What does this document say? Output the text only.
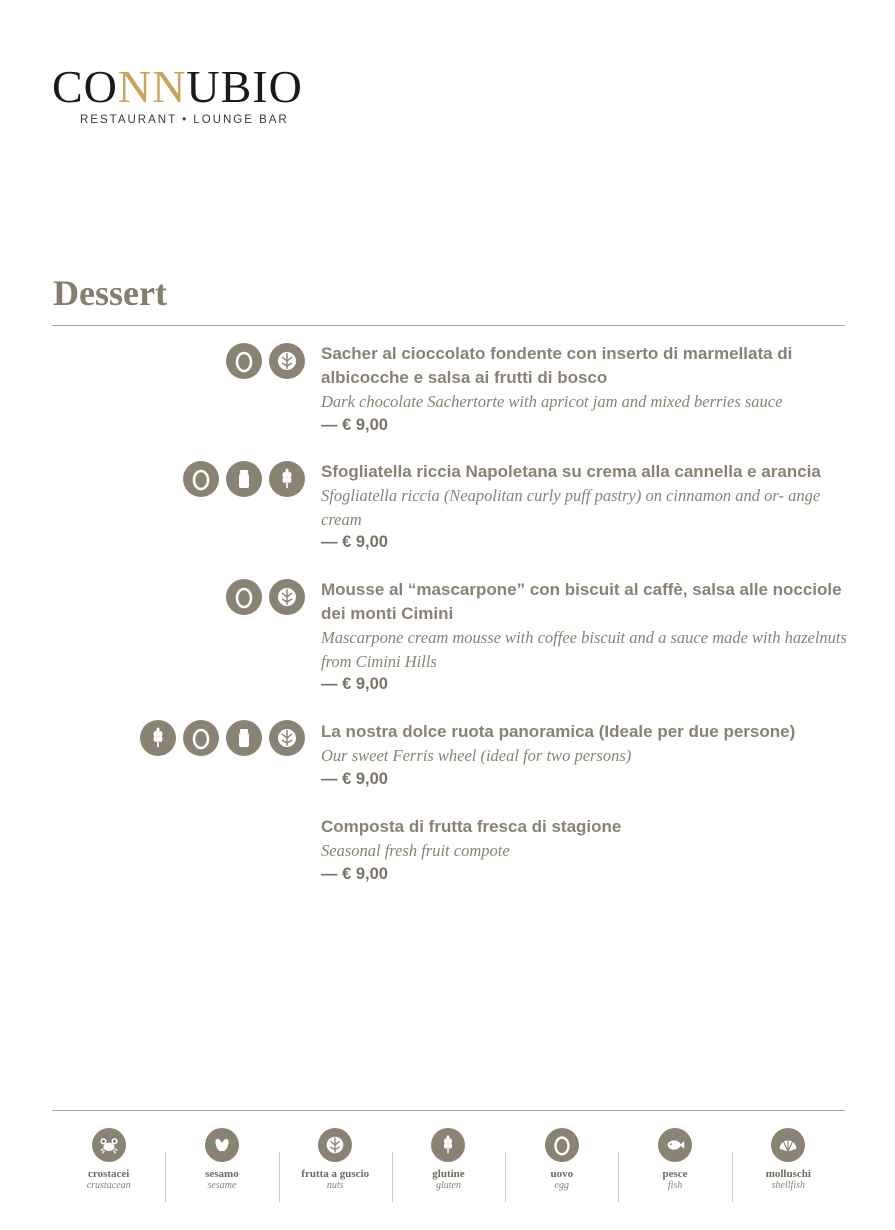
CONNUBIO
RESTAURANT • LOUNGE BAR
Dessert
Sacher al cioccolato fondente con inserto di marmellata di albicocche e salsa ai frutti di bosco
Dark chocolate Sachertorte with apricot jam and mixed berries sauce
— € 9,00
Sfogliatella riccia Napoletana su crema alla cannella e arancia
Sfogliatella riccia (Neapolitan curly puff pastry) on cinnamon and or- ange cream
— € 9,00
Mousse al “mascarpone” con biscuit al caffè, salsa alle nocciole dei monti Cimini
Mascarpone cream mousse with coffee biscuit and a sauce made with hazelnuts from Cimini Hills
— € 9,00
La nostra dolce ruota panoramica (Ideale per due persone)
Our sweet Ferris wheel (ideal for two persons)
— € 9,00
Composta di frutta fresca di stagione
Seasonal fresh fruit compote
— € 9,00
crostacei
crustacean
sesamo
sesame
frutta a guscio
nuts
glutine
gluten
uovo
egg
pesce
fish
molluschi
shellfish
